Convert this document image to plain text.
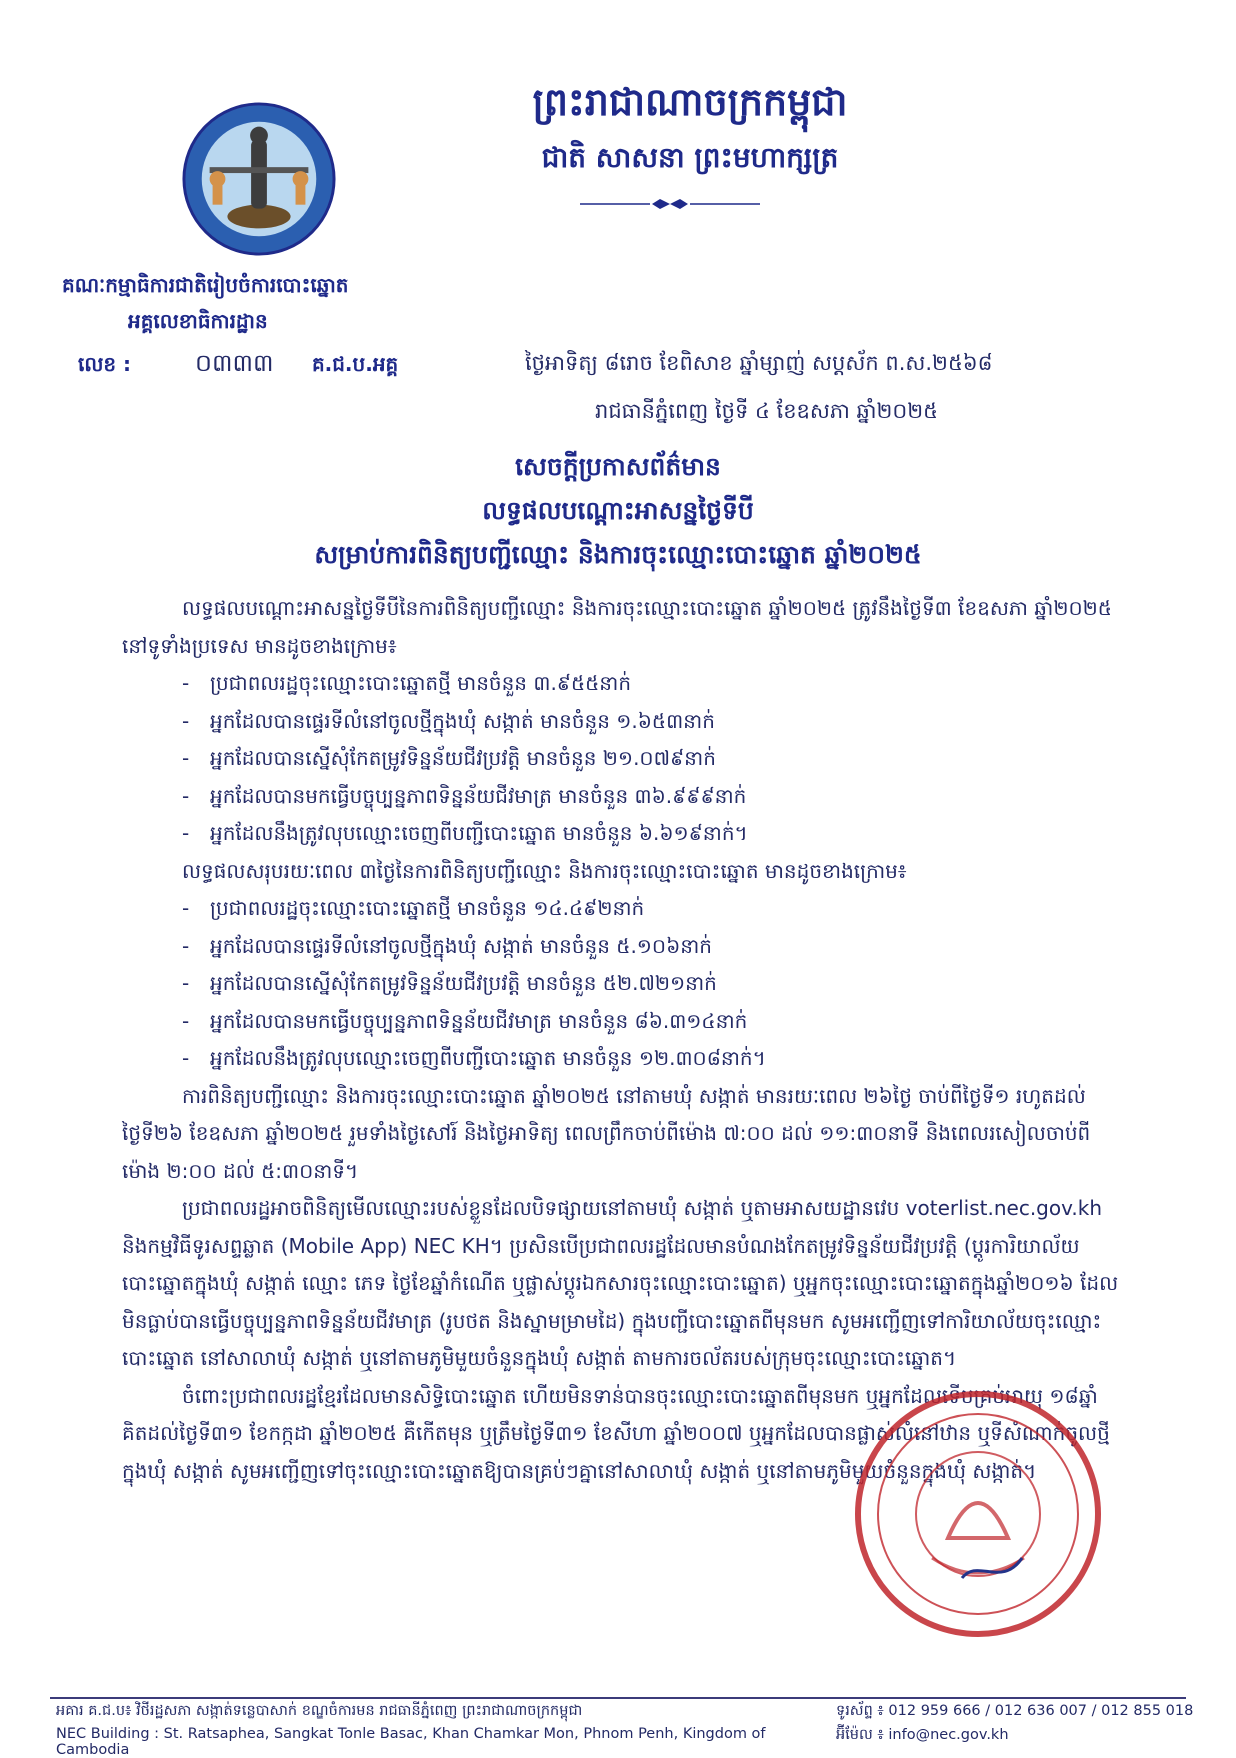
ព្រះរាជាណាចក្រកម្ពុជា
ជាតិ សាសនា ព្រះមហាក្សត្រ
គណៈកម្មាធិការជាតិរៀបចំការបោះឆ្នោត
អគ្គលេខាធិការដ្ឋាន
លេខ :	០៣៣៣ គ.ជ.ប.អគ្គ	ថ្ងៃអាទិត្យ ៨រោច ខែពិសាខ ឆ្នាំម្សាញ់ សប្តស័ក ព.ស.២៥៦៨
រាជធានីភ្នំពេញ ថ្ងៃទី ៤ ខែឧសភា ឆ្នាំ២០២៥
សេចក្តីប្រកាសព័ត៌មាន
លទ្ធផលបណ្តោះអាសន្នថ្ងៃទីបី
សម្រាប់ការពិនិត្យបញ្ជីឈ្មោះ និងការចុះឈ្មោះបោះឆ្នោត ឆ្នាំ២០២៥

លទ្ធផលបណ្តោះអាសន្នថ្ងៃទីបីនៃការពិនិត្យបញ្ជីឈ្មោះ និងការចុះឈ្មោះបោះឆ្នោត ឆ្នាំ២០២៥ ត្រូវនឹងថ្ងៃទី៣ ខែឧសភា ឆ្នាំ២០២៥ នៅទូទាំងប្រទេស មានដូចខាងក្រោម៖

- ប្រជាពលរដ្ឋចុះឈ្មោះបោះឆ្នោតថ្មី មានចំនួន ៣.៩៥៥នាក់

- អ្នកដែលបានផ្ទេរទីលំនៅចូលថ្មីក្នុងឃុំ សង្កាត់ មានចំនួន ១.៦៥៣នាក់

- អ្នកដែលបានស្នើសុំកែតម្រូវទិន្នន័យជីវប្រវត្តិ មានចំនួន ២១.០៧៩នាក់

- អ្នកដែលបានមកធ្វើបច្ចុប្បន្នភាពទិន្នន័យជីវមាត្រ មានចំនួន ៣៦.៩៩៩នាក់

- អ្នកដែលនឹងត្រូវលុបឈ្មោះចេញពីបញ្ជីបោះឆ្នោត មានចំនួន ៦.៦១៩នាក់។

លទ្ធផលសរុបរយៈពេល ៣ថ្ងៃនៃការពិនិត្យបញ្ជីឈ្មោះ និងការចុះឈ្មោះបោះឆ្នោត មានដូចខាងក្រោម៖

- ប្រជាពលរដ្ឋចុះឈ្មោះបោះឆ្នោតថ្មី មានចំនួន ១៤.៤៩២នាក់

- អ្នកដែលបានផ្ទេរទីលំនៅចូលថ្មីក្នុងឃុំ សង្កាត់ មានចំនួន ៥.១០៦នាក់

- អ្នកដែលបានស្នើសុំកែតម្រូវទិន្នន័យជីវប្រវត្តិ មានចំនួន ៥២.៧២១នាក់

- អ្នកដែលបានមកធ្វើបច្ចុប្បន្នភាពទិន្នន័យជីវមាត្រ មានចំនួន ៨៦.៣១៤នាក់

- អ្នកដែលនឹងត្រូវលុបឈ្មោះចេញពីបញ្ជីបោះឆ្នោត មានចំនួន ១២.៣០៨នាក់។

ការពិនិត្យបញ្ជីឈ្មោះ និងការចុះឈ្មោះបោះឆ្នោត ឆ្នាំ២០២៥ នៅតាមឃុំ សង្កាត់ មានរយៈពេល ២៦ថ្ងៃ ចាប់ពីថ្ងៃទី១ រហូតដល់ថ្ងៃទី២៦ ខែឧសភា ឆ្នាំ២០២៥ រួមទាំងថ្ងៃសៅរ៍ និងថ្ងៃអាទិត្យ ពេលព្រឹកចាប់ពីម៉ោង ៧:០០ ដល់ ១១:៣០នាទី និងពេលរសៀលចាប់ពីម៉ោង ២:០០ ដល់ ៥:៣០នាទី។

ប្រជាពលរដ្ឋអាចពិនិត្យមើលឈ្មោះរបស់ខ្លួនដែលបិទផ្សាយនៅតាមឃុំ សង្កាត់ ឬតាមអាសយដ្ឋានវេប voterlist.nec.gov.kh និងកម្មវិធីទូរសព្ទឆ្លាត (Mobile App) NEC KH។ ប្រសិនបើប្រជាពលរដ្ឋដែលមានបំណងកែតម្រូវទិន្នន័យជីវប្រវត្តិ (ប្តូរការិយាល័យបោះឆ្នោតក្នុងឃុំ សង្កាត់ ឈ្មោះ ភេទ ថ្ងៃខែឆ្នាំកំណើត ឬផ្លាស់ប្តូរឯកសារចុះឈ្មោះបោះឆ្នោត) ឬអ្នកចុះឈ្មោះបោះឆ្នោតក្នុងឆ្នាំ២០១៦ ដែលមិនធ្លាប់បានធ្វើបច្ចុប្បន្នភាពទិន្នន័យជីវមាត្រ (រូបថត និងស្នាមម្រាមដៃ) ក្នុងបញ្ជីបោះឆ្នោតពីមុនមក សូមអញ្ជើញទៅការិយាល័យចុះឈ្មោះបោះឆ្នោត នៅសាលាឃុំ សង្កាត់ ឬនៅតាមភូមិមួយចំនួនក្នុងឃុំ សង្កាត់ តាមការចល័តរបស់ក្រុមចុះឈ្មោះបោះឆ្នោត។

ចំពោះប្រជាពលរដ្ឋខ្មែរដែលមានសិទ្ធិបោះឆ្នោត ហើយមិនទាន់បានចុះឈ្មោះបោះឆ្នោតពីមុនមក ឬអ្នកដែលទើបគ្រប់អាយុ ១៨ឆ្នាំ គិតដល់ថ្ងៃទី៣១ ខែកក្កដា ឆ្នាំ២០២៥ គឺកើតមុន ឬត្រឹមថ្ងៃទី៣១ ខែសីហា ឆ្នាំ២០០៧ ឬអ្នកដែលបានផ្លាស់លំនៅឋាន ឬទីសំណាក់ចូលថ្មីក្នុងឃុំ សង្កាត់ សូមអញ្ជើញទៅចុះឈ្មោះបោះឆ្នោតឱ្យបានគ្រប់ៗគ្នានៅសាលាឃុំ សង្កាត់ ឬនៅតាមភូមិមួយចំនួនក្នុងឃុំ សង្កាត់។

អគារ គ.ជ.ប៖ វិថីរដ្ឋសភា សង្កាត់ទន្លេបាសាក់ ខណ្ឌចំការមន រាជធានីភ្នំពេញ ព្រះរាជាណាចក្រកម្ពុជា
NEC Building : St. Ratsaphea, Sangkat Tonle Basac, Khan Chamkar Mon, Phnom Penh, Kingdom of Cambodia
ទូរស័ព្ទ ៖ 012 959 666 / 012 636 007 / 012 855 018
អ៊ីម៉ែល ៖ info@nec.gov.kh
